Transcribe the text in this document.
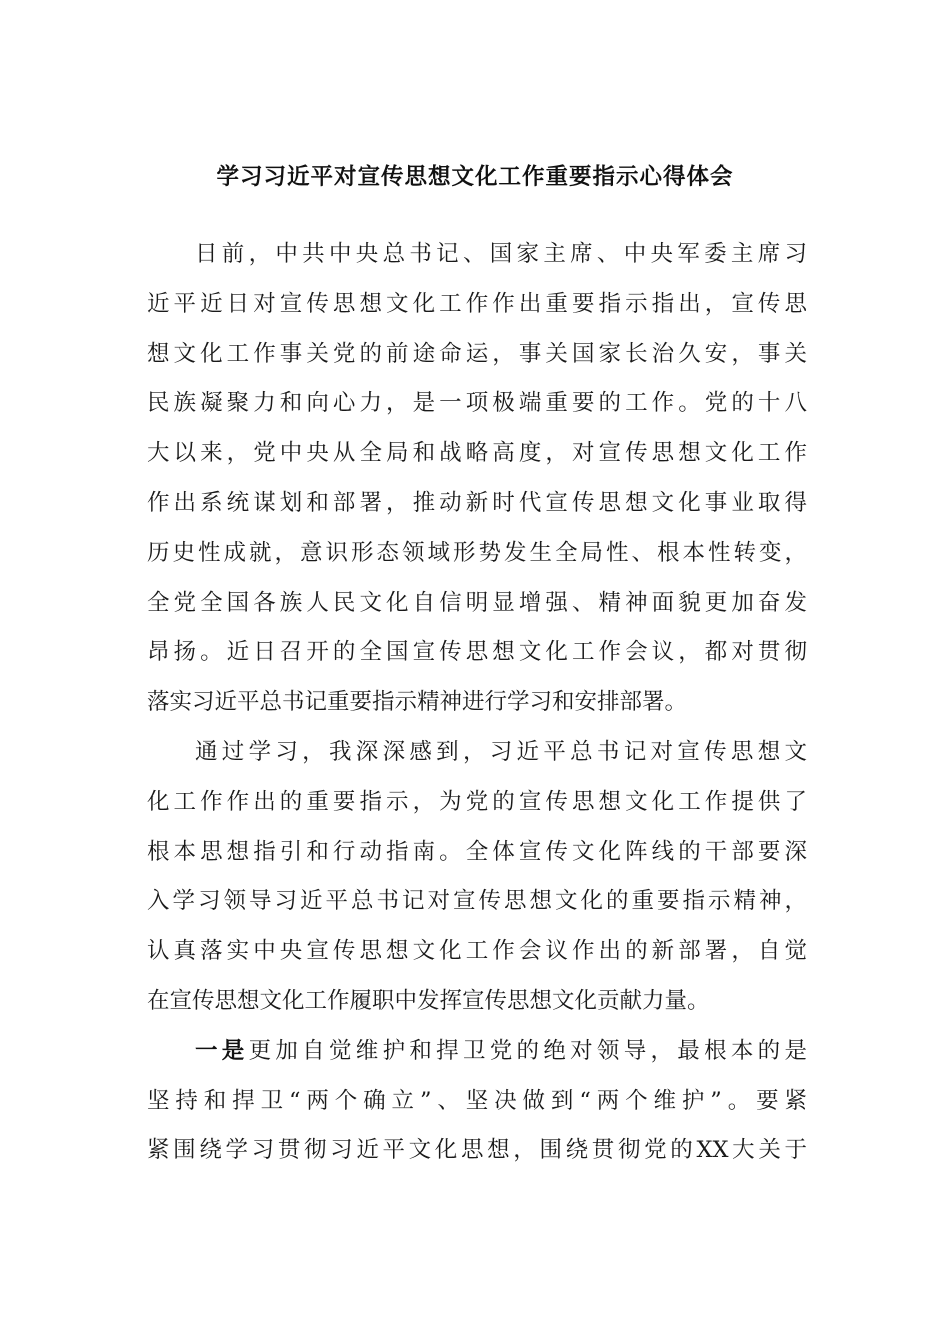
学习习近平对宣传思想文化工作重要指示心得体会
日前，中共中央总书记、国家主席、中央军委主席习
近平近日对宣传思想文化工作作出重要指示指出，宣传思
想文化工作事关党的前途命运，事关国家长治久安，事关
民族凝聚力和向心力，是一项极端重要的工作。党的十八
大以来，党中央从全局和战略高度，对宣传思想文化工作
作出系统谋划和部署，推动新时代宣传思想文化事业取得
历史性成就，意识形态领域形势发生全局性、根本性转变，
全党全国各族人民文化自信明显增强、精神面貌更加奋发
昂扬。近日召开的全国宣传思想文化工作会议，都对贯彻
落实习近平总书记重要指示精神进行学习和安排部署。
通过学习，我深深感到，习近平总书记对宣传思想文
化工作作出的重要指示，为党的宣传思想文化工作提供了
根本思想指引和行动指南。全体宣传文化阵线的干部要深
入学习领导习近平总书记对宣传思想文化的重要指示精神，
认真落实中央宣传思想文化工作会议作出的新部署，自觉
在宣传思想文化工作履职中发挥宣传思想文化贡献力量。
一是更加自觉维护和捍卫党的绝对领导，最根本的是
坚持和捍卫“两个确立”、坚决做到“两个维护”。要紧
紧围绕学习贯彻习近平文化思想，围绕贯彻党的XX大关于
